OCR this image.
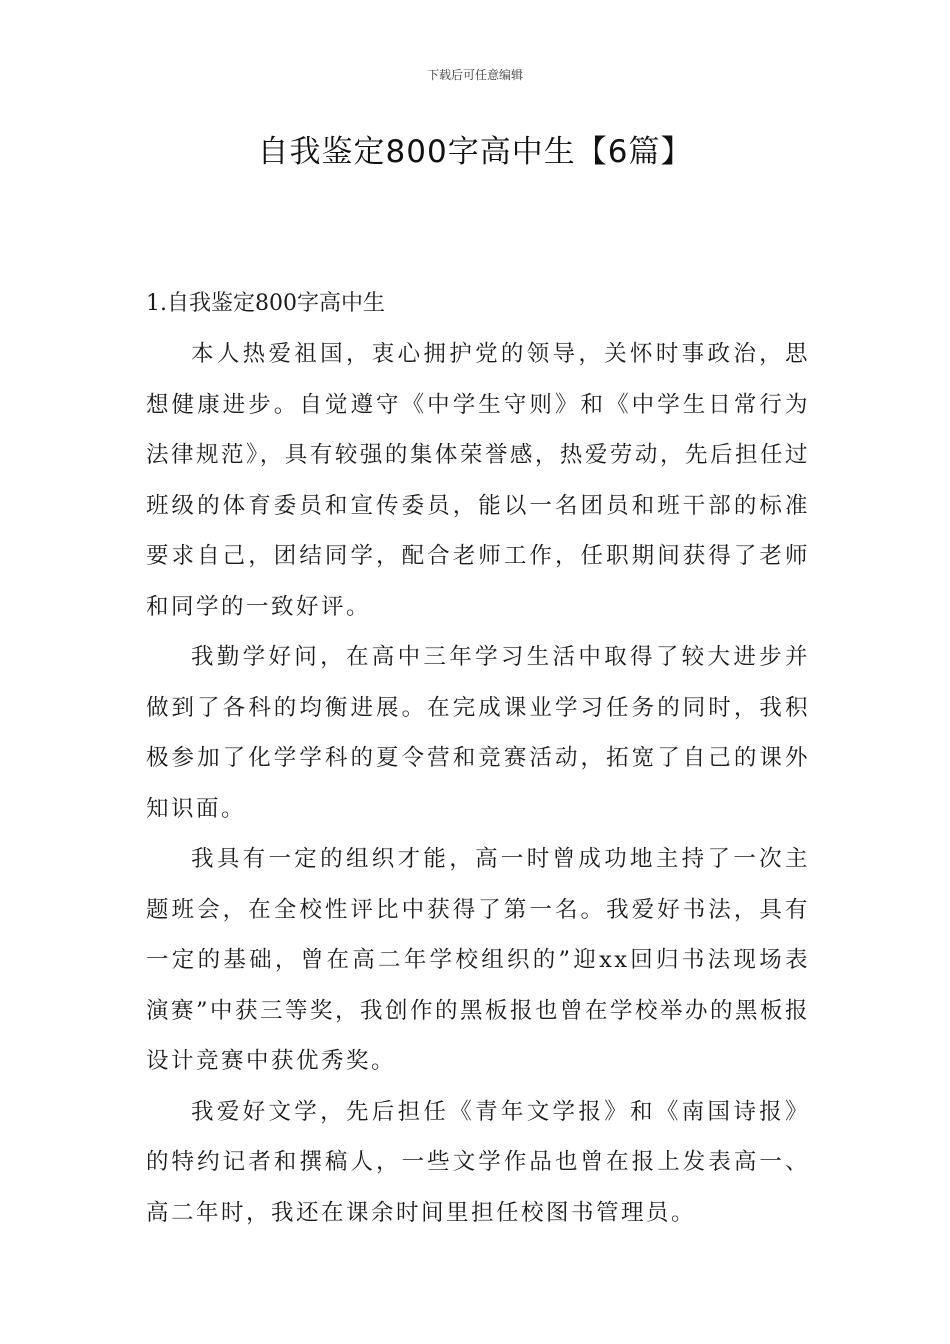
下载后可任意编辑
自我鉴定800字高中生【6篇】

1.自我鉴定800字高中生

本人热爱祖国，衷心拥护党的领导，关怀时事政治，思想健康进步。自觉遵守《中学生守则》和《中学生日常行为法律规范》，具有较强的集体荣誉感，热爱劳动，先后担任过班级的体育委员和宣传委员，能以一名团员和班干部的标准要求自己，团结同学，配合老师工作，任职期间获得了老师和同学的一致好评。

我勤学好问，在高中三年学习生活中取得了较大进步并做到了各科的均衡进展。在完成课业学习任务的同时，我积极参加了化学学科的夏令营和竞赛活动，拓宽了自己的课外知识面。

我具有一定的组织才能，高一时曾成功地主持了一次主题班会，在全校性评比中获得了第一名。我爱好书法，具有一定的基础，曾在高二年学校组织的”迎xx回归书法现场表演赛”中获三等奖，我创作的黑板报也曾在学校举办的黑板报设计竞赛中获优秀奖。

我爱好文学，先后担任《青年文学报》和《南国诗报》的特约记者和撰稿人，一些文学作品也曾在报上发表高一、高二年时，我还在课余时间里担任校图书管理员。
